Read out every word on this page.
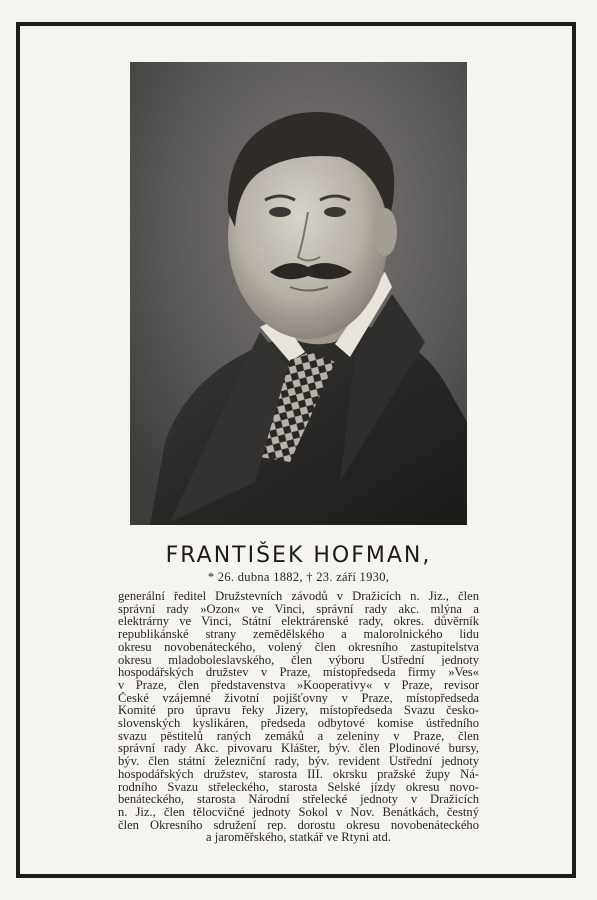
FRANTIŠEK HOFMAN,
* 26. dubna 1882, † 23. září 1930,
generální ředitel Družstevních závodů v Dražicích n. Jiz., člen
správní rady »Ozon« ve Vinci, správní rady akc. mlýna a
elektrárny ve Vinci, Státní elektrárenské rady, okres. důvěrník
republikánské strany zemědělského a malorolnického lidu
okresu novobenáteckého, volený člen okresního zastupitelstva
okresu mladoboleslavského, člen výboru Ústřední jednoty
hospodářských družstev v Praze, místopředseda firmy »Ves«
v Praze, člen představenstva »Kooperativy« v Praze, revisor
České vzájemné životní pojišťovny v Praze, místopředseda
Komité pro úpravu řeky Jizery, místopředseda Svazu česko-
slovenských kyslikáren, předseda odbytové komise ústředního
svazu pěstitelů raných zemáků a zeleniny v Praze, člen
správní rady Akc. pivovaru Klášter, býv. člen Plodinové bursy,
býv. člen státní železniční rady, býv. revident Ústřední jednoty
hospodářských družstev, starosta III. okrsku pražské župy Ná-
rodního Svazu střeleckého, starosta Selské jízdy okresu novo-
benáteckého, starosta Národní střelecké jednoty v Dražicích
n. Jiz., člen tělocvičné jednoty Sokol v Nov. Benátkách, čestný
člen Okresního sdružení rep. dorostu okresu novobenáteckého
a jaroměřského, statkář ve Rtyni atd.
